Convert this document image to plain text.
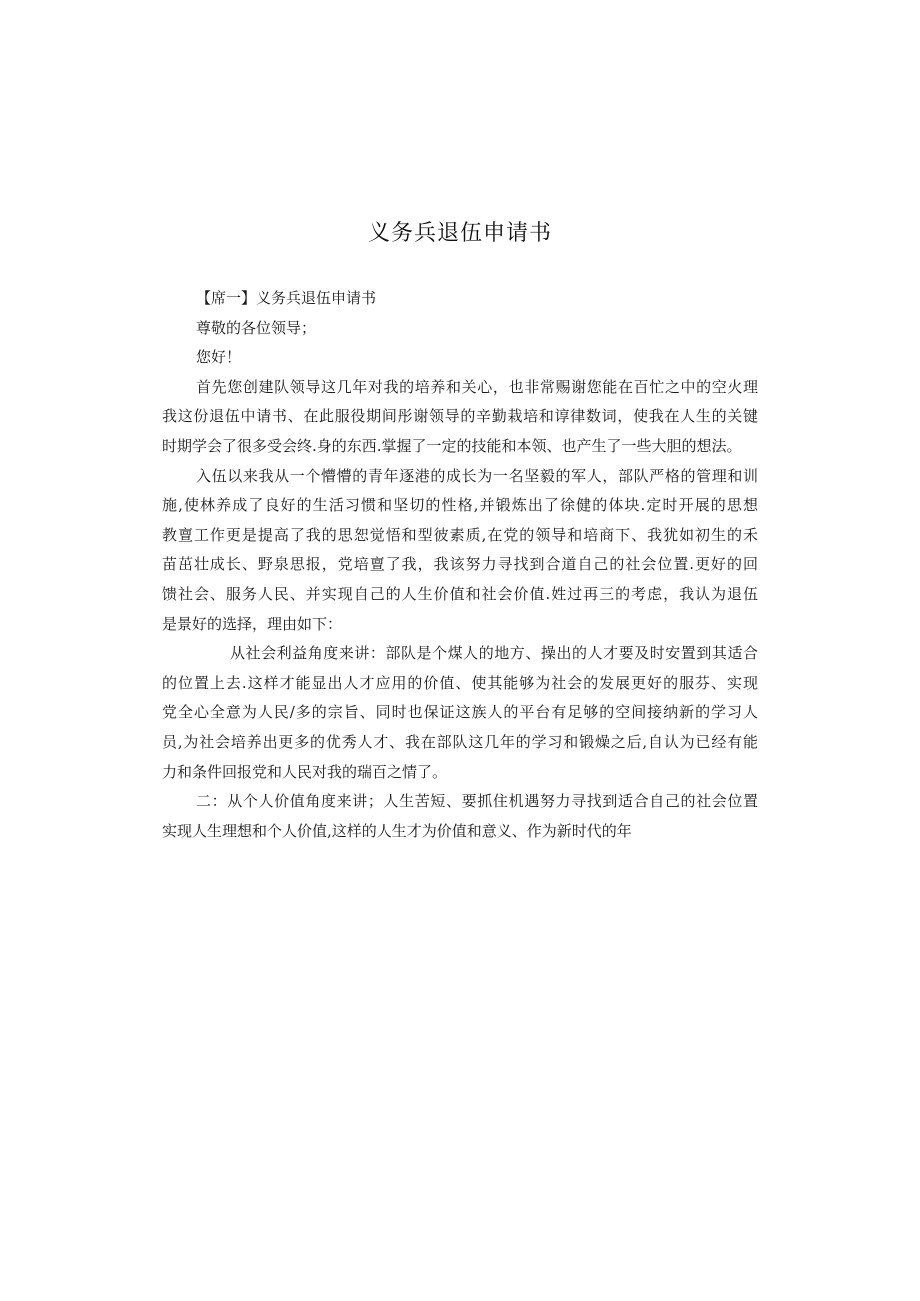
义务兵退伍申请书
【席一】义务兵退伍申请书
尊敬的各位领导；
您好！
首先您创建队领导这几年对我的培养和关心，也非常赐谢您能在百忙之中的空火理
我这份退伍中请书、在此服役期间彤谢领导的辛勤栽培和谆律数词，使我在人生的关键
时期学会了很多受会终.身的东西.掌握了一定的技能和本领、也产生了一些大胆的想法。
入伍以来我从一个懵懵的青年逐港的成长为一名坚毅的军人，部队严格的管理和训
施,使林养成了良好的生活习惯和坚切的性格,并锻炼出了徐健的体块.定时开展的思想
教亶工作更是提高了我的思恕觉悟和型彼素质,在党的领导和培商下、我犹如初生的禾
苗茁壮成长、野泉思报，党培亶了我，我该努力寻找到合道自己的社会位置.更好的回
馈社会、服务人民、并实现自己的人生价值和社会价值.姓过再三的考虑，我认为退伍
是景好的选择，理由如下：
从社会利益角度来讲：部队是个煤人的地方、操出的人才要及时安置到其适合
的位置上去.这样才能显出人才应用的价值、使其能够为社会的发展更好的服芬、实现
党全心全意为人民/多的宗旨、同时也保证这族人的平台有足够的空间接纳新的学习人
员,为社会培养出更多的优秀人才、我在部队这几年的学习和锻燥之后,自认为已经有能
力和条件回报党和人民对我的瑞百之情了。
二：从个人价值角度来讲；人生苦短、要抓住机遇努力寻找到适合自己的社会位置
实现人生理想和个人价值,这样的人生才为价值和意义、作为新时代的年
